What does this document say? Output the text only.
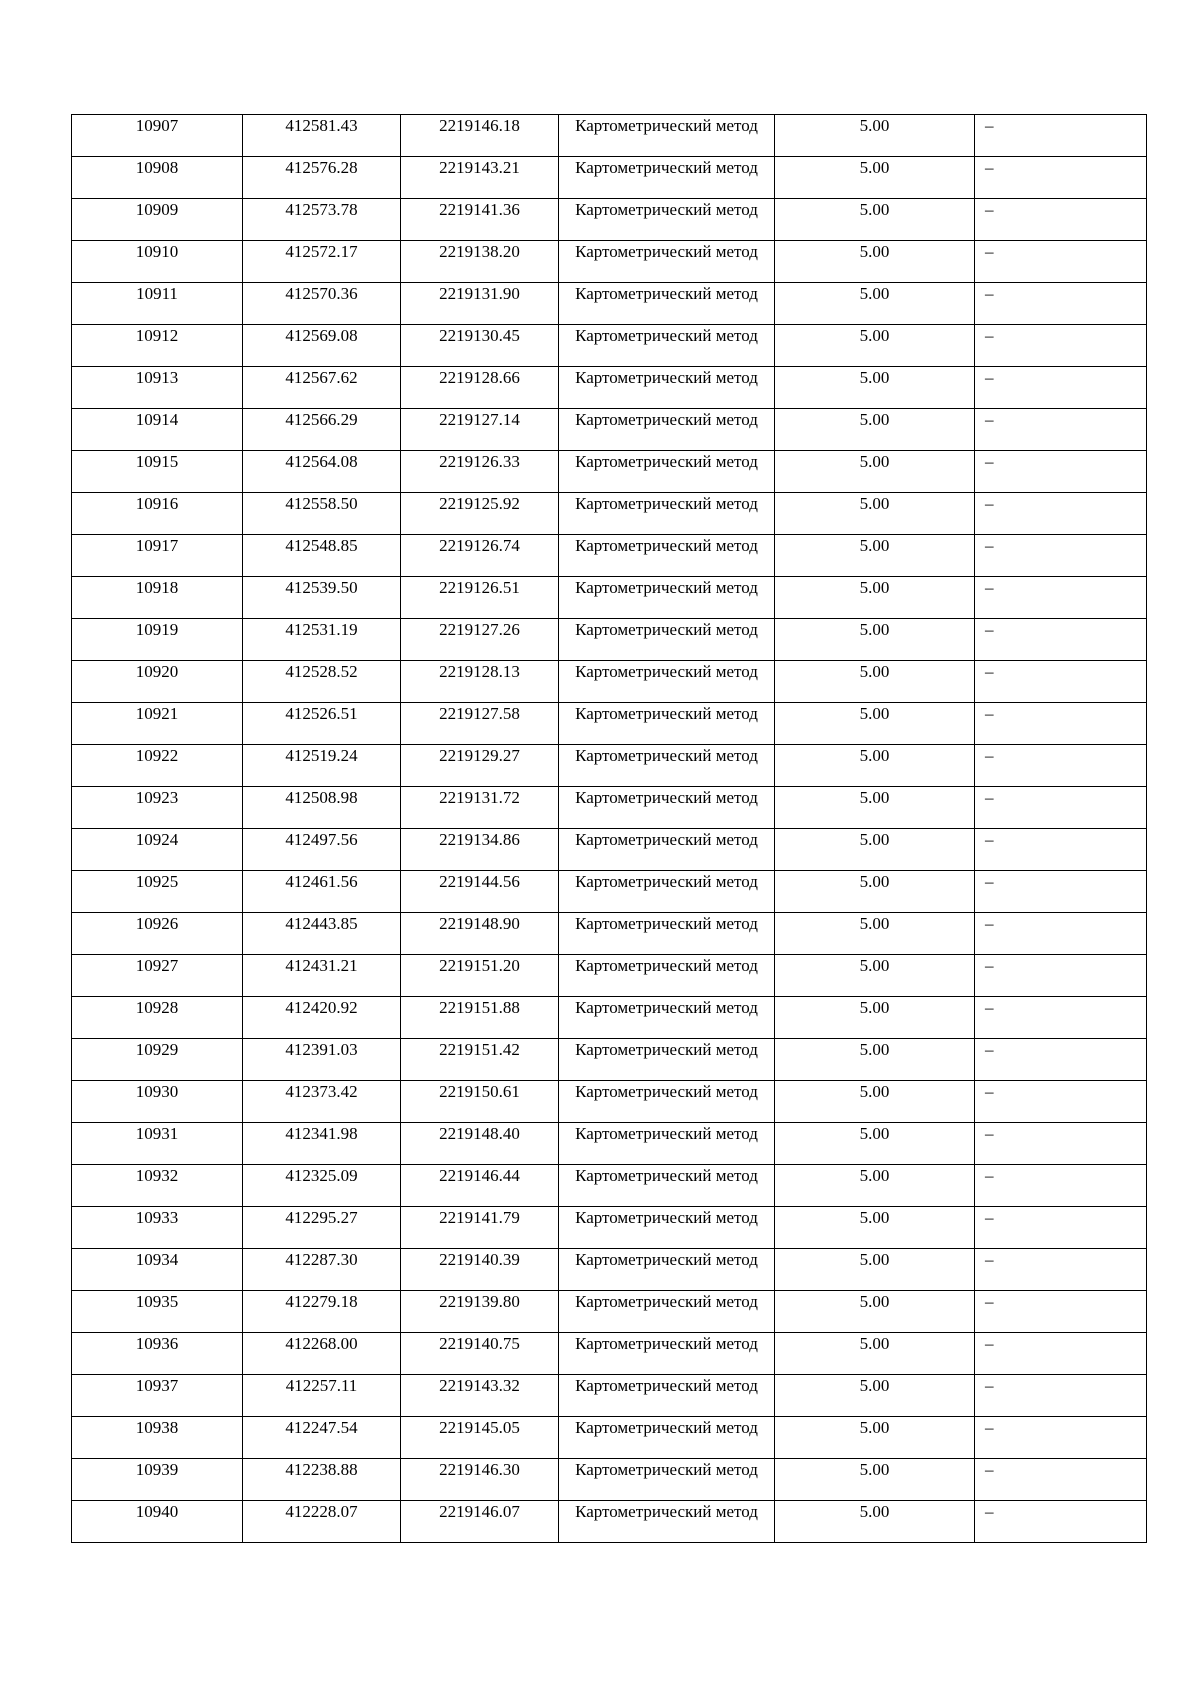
10907	412581.43	2219146.18	Картометрический метод	5.00	–

10908	412576.28	2219143.21	Картометрический метод	5.00	–

10909	412573.78	2219141.36	Картометрический метод	5.00	–

10910	412572.17	2219138.20	Картометрический метод	5.00	–

10911	412570.36	2219131.90	Картометрический метод	5.00	–

10912	412569.08	2219130.45	Картометрический метод	5.00	–

10913	412567.62	2219128.66	Картометрический метод	5.00	–

10914	412566.29	2219127.14	Картометрический метод	5.00	–

10915	412564.08	2219126.33	Картометрический метод	5.00	–

10916	412558.50	2219125.92	Картометрический метод	5.00	–

10917	412548.85	2219126.74	Картометрический метод	5.00	–

10918	412539.50	2219126.51	Картометрический метод	5.00	–

10919	412531.19	2219127.26	Картометрический метод	5.00	–

10920	412528.52	2219128.13	Картометрический метод	5.00	–

10921	412526.51	2219127.58	Картометрический метод	5.00	–

10922	412519.24	2219129.27	Картометрический метод	5.00	–

10923	412508.98	2219131.72	Картометрический метод	5.00	–

10924	412497.56	2219134.86	Картометрический метод	5.00	–

10925	412461.56	2219144.56	Картометрический метод	5.00	–

10926	412443.85	2219148.90	Картометрический метод	5.00	–

10927	412431.21	2219151.20	Картометрический метод	5.00	–

10928	412420.92	2219151.88	Картометрический метод	5.00	–

10929	412391.03	2219151.42	Картометрический метод	5.00	–

10930	412373.42	2219150.61	Картометрический метод	5.00	–

10931	412341.98	2219148.40	Картометрический метод	5.00	–

10932	412325.09	2219146.44	Картометрический метод	5.00	–

10933	412295.27	2219141.79	Картометрический метод	5.00	–

10934	412287.30	2219140.39	Картометрический метод	5.00	–

10935	412279.18	2219139.80	Картометрический метод	5.00	–

10936	412268.00	2219140.75	Картометрический метод	5.00	–

10937	412257.11	2219143.32	Картометрический метод	5.00	–

10938	412247.54	2219145.05	Картометрический метод	5.00	–

10939	412238.88	2219146.30	Картометрический метод	5.00	–

10940	412228.07	2219146.07	Картометрический метод	5.00	–
